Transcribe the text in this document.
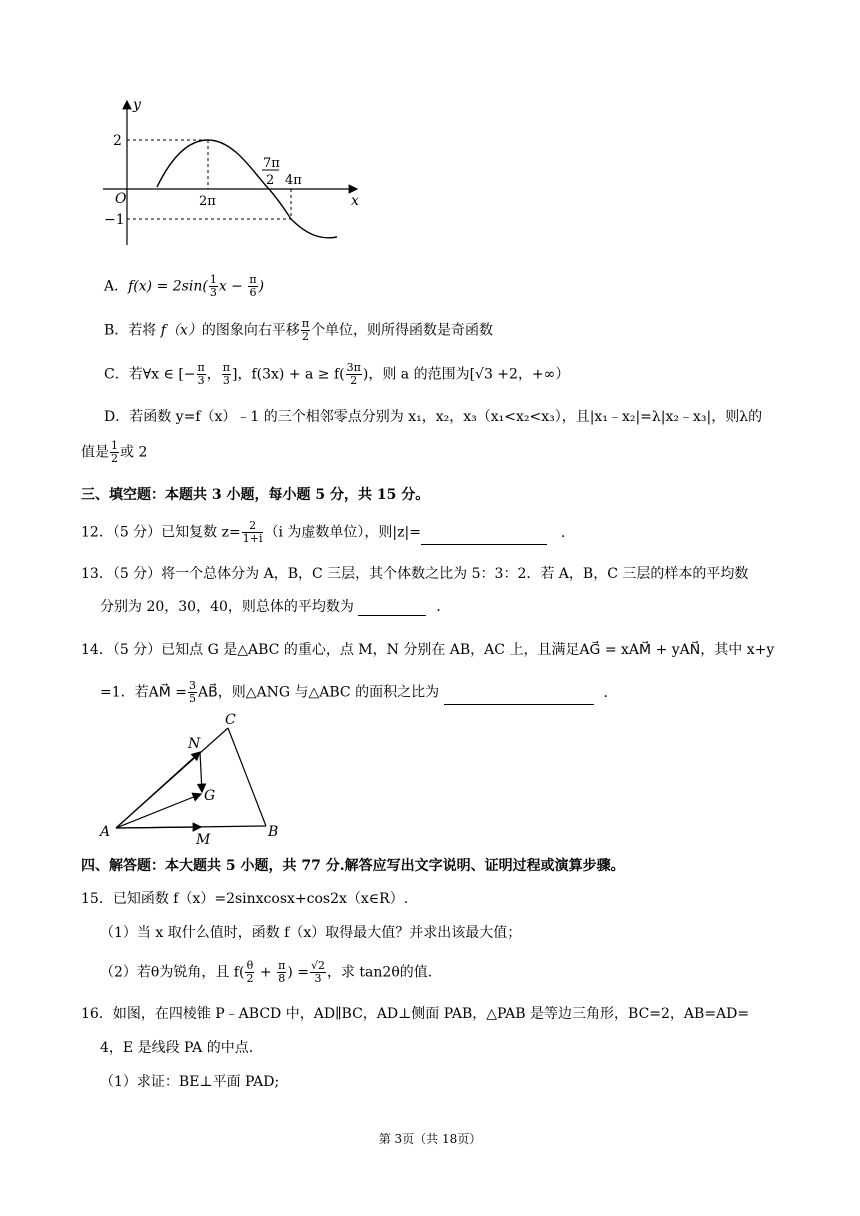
y
x
O
2
−1
2π
7π
2 4π
A．$f(x) = 2\sin( \frac{1}{3}$ $x - \frac{\pi}{6}$ )
B．若将 f（x）的图象向右平移 $\frac{\pi}{2}$ 个单位，则所得函数是奇函数
C．若∀x ∈ [− $\frac{\pi}{3}$ ， $\frac{\pi}{3}$ ]，$f(3x) + a \ge f( \frac{3\pi}{2}$ )，则 a 的范围为[√3 +2，+∞）
D．若函数 y=f（x）﹣1 的三个相邻零点分别为 x₁，x₂，x₃（x₁<x₂<x₃），且|x₁﹣x₂|=λ|x₂﹣x₃|，则λ的
值是 $\frac{1}{2}$ 或 2
三、填空题：本题共 3 小题，每小题 5 分，共 15 分。
12．（5 分）已知复数 $z= \frac{2}{1+i} (i$ 为虚数单位），则|z|=	．
13．（5 分）将一个总体分为 A，B，C 三层，其个体数之比为 5：3：2．若 A，B，C 三层的样本的平均数
分别为 20，30，40，则总体的平均数为	．
14．（5 分）已知点 G 是△ABC 的重心，点 M，N 分别在 AB，AC 上，且满足AG⃗ = xAM⃗ + yAN⃗，其中 x+y
=1．若AM⃗ = $\frac{3}{5}$ AB⃗，则△ANG 与△ABC 的面积之比为	．
A	B
C
M
N
G
四、解答题：本大题共 5 小题，共 77 分.解答应写出文字说明、证明过程或演算步骤。
15．已知函数 f（x）=2sinxcosx+cos2x（x∈R）.
（1）当 x 取什么值时，函数 f（x）取得最大值？并求出该最大值；
（2）若θ为锐角，且 $f( \frac{\theta}{2} + \frac{\pi}{8}$ ) = $\frac{√2}{3}$ ，求 tan2θ的值.
16．如图，在四棱锥 P﹣ABCD 中，AD∥BC，AD⊥侧面 PAB，△PAB 是等边三角形，BC=2，AB=AD=
4，E 是线段 PA 的中点.
（1）求证：BE⊥平面 PAD;
第 3页（共 18页）
